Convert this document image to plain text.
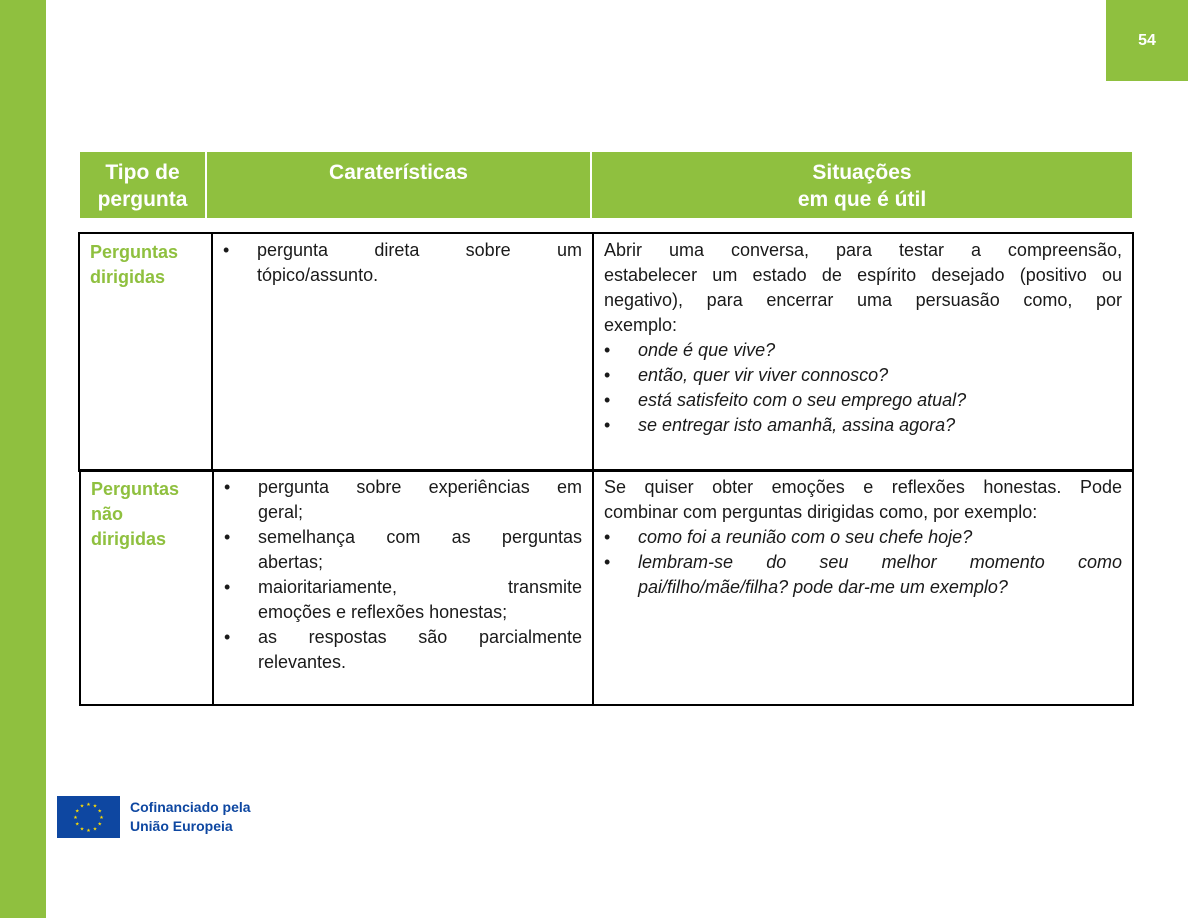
54
Tipo de
pergunta
Caraterísticas	Situações
em que é útil
Perguntas
dirigidas
• pergunta direta sobre um
tópico/assunto.
Abrir uma conversa, para testar a compreensão,
estabelecer um estado de espírito desejado (positivo ou
negativo), para encerrar uma persuasão como, por
exemplo:
• onde é que vive?
• então, quer vir viver connosco?
• está satisfeito com o seu emprego atual?
• se entregar isto amanhã, assina agora?
Perguntas
não
dirigidas
• pergunta sobre experiências em
geral;
• semelhança com as perguntas
abertas;
• maioritariamente, transmite
emoções e reflexões honestas;
• as respostas são parcialmente
relevantes.
Se quiser obter emoções e reflexões honestas. Pode
combinar com perguntas dirigidas como, por exemplo:
• como foi a reunião com o seu chefe hoje?
• lembram-se do seu melhor momento como
pai/filho/mãe/filha? pode dar-me um exemplo?
★ ★
★
★
★
★
★
★
★
★
★
★	Cofinanciado pela
União Europeia
